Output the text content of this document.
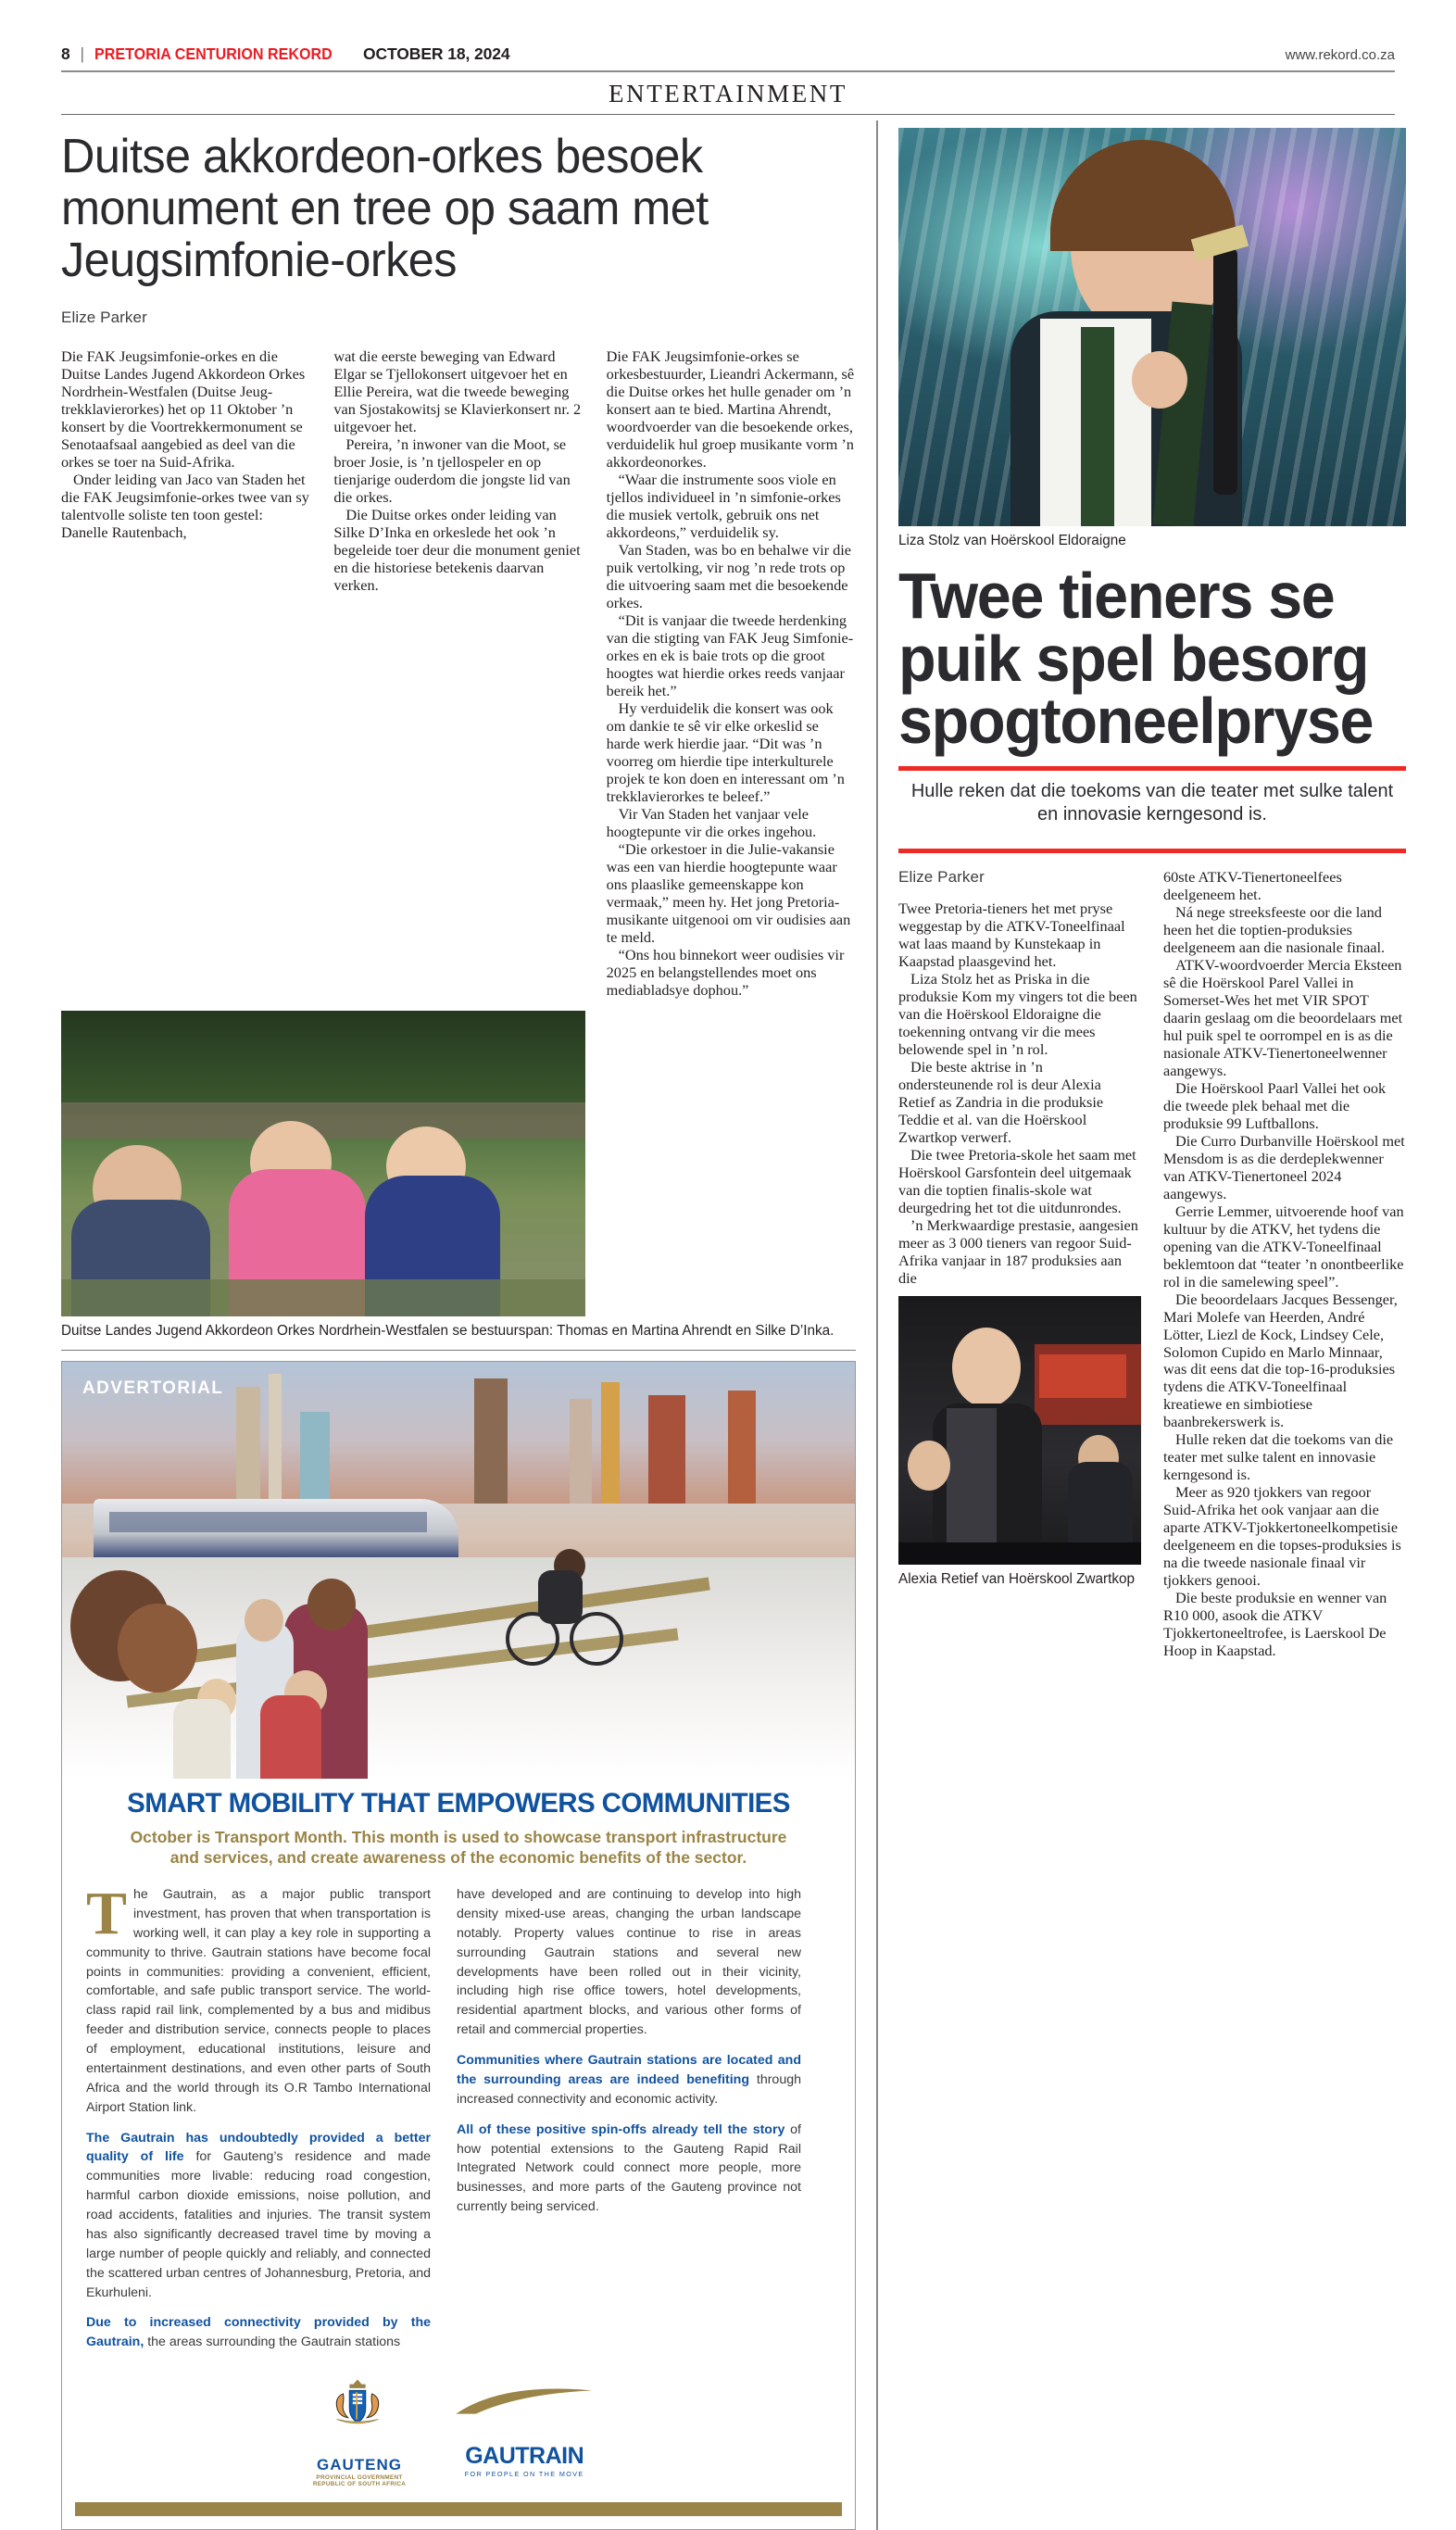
8 | PRETORIA CENTURION REKORD OCTOBER 18, 2024	www.rekord.co.za
ENTERTAINMENT
Duitse akkordeon-orkes besoek monument en tree op saam met Jeugsimfonie-orkes
Elize Parker

Die FAK Jeugsimfonie-orkes en die Duitse Landes Jugend Akkordeon Orkes Nordrhein-Westfalen (Duitse Jeug-trekklavierorkes) het op 11 Oktober ’n konsert by die Voortrekkermonument se Senotaafsaal aangebied as deel van die orkes se toer na Suid-Afrika.

Onder leiding van Jaco van Staden het die FAK Jeugsimfonie-orkes twee van sy talentvolle soliste ten toon gestel: Danelle Rautenbach,

wat die eerste beweging van Edward Elgar se Tjellokonsert uitgevoer het en Ellie Pereira, wat die tweede beweging van Sjostakowitsj se Klavierkonsert nr. 2 uitgevoer het.

Pereira, ’n inwoner van die Moot, se broer Josie, is ’n tjellospeler en op tienjarige ouderdom die jongste lid van die orkes.

Die Duitse orkes onder leiding van Silke D’Inka en orkeslede het ook ’n begeleide toer deur die monument geniet en die historiese betekenis daarvan verken.

Die FAK Jeugsimfonie-orkes se orkesbestuurder, Lieandri Ackermann, sê die Duitse orkes het hulle genader om ’n konsert aan te bied. Martina Ahrendt, woordvoerder van die besoekende orkes, verduidelik hul groep musikante vorm ’n akkordeonorkes.

“Waar die instrumente soos viole en tjellos individueel in ’n simfonie-orkes die musiek vertolk, gebruik ons net akkordeons,” verduidelik sy.

Van Staden, was bo en behalwe vir die puik vertolking, vir nog ’n rede trots op die uitvoering saam met die besoekende orkes.

“Dit is vanjaar die tweede herdenking van die stigting van FAK Jeug Simfonie-orkes en ek is baie trots op die groot hoogtes wat hierdie orkes reeds vanjaar bereik het.”

Hy verduidelik die konsert was ook om dankie te sê vir elke orkeslid se harde werk hierdie jaar. “Dit was ’n voorreg om hierdie tipe interkulturele projek te kon doen en interessant om ’n trekklavierorkes te beleef.”

Vir Van Staden het vanjaar vele hoogtepunte vir die orkes ingehou.

“Die orkestoer in die Julie-vakansie was een van hierdie hoogtepunte waar ons plaaslike gemeenskappe kon vermaak,” meen hy. Het jong Pretoria-musikante uitgenooi om vir oudisies aan te meld.

“Ons hou binnekort weer oudisies vir 2025 en belangstellendes moet ons mediabladsye dophou.”

Duitse Landes Jugend Akkordeon Orkes Nordrhein-Westfalen se bestuurspan: Thomas en Martina Ahrendt en Silke D’Inka.
ADVERTORIAL
SMART MOBILITY THAT EMPOWERS COMMUNITIES
October is Transport Month. This month is used to showcase transport infrastructure and services, and create awareness of the economic benefits of the sector.

The Gautrain, as a major public transport investment, has proven that when transportation is working well, it can play a key role in supporting a community to thrive. Gautrain stations have become focal points in communities: providing a convenient, efficient, comfortable, and safe public transport service. The world-class rapid rail link, complemented by a bus and midibus feeder and distribution service, connects people to places of employment, educational institutions, leisure and entertainment destinations, and even other parts of South Africa and the world through its O.R Tambo International Airport Station link.

The Gautrain has undoubtedly provided a better quality of life for Gauteng’s residence and made communities more livable: reducing road congestion, harmful carbon dioxide emissions, noise pollution, and road accidents, fatalities and injuries. The transit system has also significantly decreased travel time by moving a large number of people quickly and reliably, and connected the scattered urban centres of Johannesburg, Pretoria, and Ekurhuleni.

Due to increased connectivity provided by the Gautrain, the areas surrounding the Gautrain stations

have developed and are continuing to develop into high density mixed-use areas, changing the urban landscape notably. Property values continue to rise in areas surrounding Gautrain stations and several new developments have been rolled out in their vicinity, including high rise office towers, hotel developments, residential apartment blocks, and various other forms of retail and commercial properties.

Communities where Gautrain stations are located and the surrounding areas are indeed benefiting through increased connectivity and economic activity.

All of these positive spin-offs already tell the story of how potential extensions to the Gauteng Rapid Rail Integrated Network could connect more people, more businesses, and more parts of the Gauteng province not currently being serviced.

GAUTENG
PROVINCIAL GOVERNMENT
REPUBLIC OF SOUTH AFRICA
GAUTRAIN
FOR PEOPLE ON THE MOVE
Liza Stolz van Hoërskool Eldoraigne
Twee tieners se puik spel besorg spogtoneelpryse
Hulle reken dat die toekoms van die teater met sulke talent en innovasie kerngesond is.
Elize Parker

Twee Pretoria-tieners het met pryse weggestap by die ATKV-Toneelfinaal wat laas maand by Kunstekaap in Kaapstad plaasgevind het.

Liza Stolz het as Priska in die produksie Kom my vingers tot die been van die Hoërskool Eldoraigne die toekenning ontvang vir die mees belowende spel in ’n rol.

Die beste aktrise in ’n ondersteunende rol is deur Alexia Retief as Zandria in die produksie Teddie et al. van die Hoërskool Zwartkop verwerf.

Die twee Pretoria-skole het saam met Hoërskool Garsfontein deel uitgemaak van die toptien finalis-skole wat deurgedring het tot die uitdunrondes.

’n Merkwaardige prestasie, aangesien meer as 3 000 tieners van regoor Suid-Afrika vanjaar in 187 produksies aan die

Alexia Retief van Hoërskool Zwartkop

60ste ATKV-Tienertoneelfees deelgeneem het.

Ná nege streeksfeeste oor die land heen het die toptien-produksies deelgeneem aan die nasionale finaal.

ATKV-woordvoerder Mercia Eksteen sê die Hoërskool Parel Vallei in Somerset-Wes het met VIR SPOT daarin geslaag om die beoordelaars met hul puik spel te oorrompel en is as die nasionale ATKV-Tienertoneelwenner aangewys.

Die Hoërskool Paarl Vallei het ook die tweede plek behaal met die produksie 99 Luftballons.

Die Curro Durbanville Hoërskool met Mensdom is as die derdeplekwenner van ATKV-Tienertoneel 2024 aangewys.

Gerrie Lemmer, uitvoerende hoof van kultuur by die ATKV, het tydens die opening van die ATKV-Toneelfinaal beklemtoon dat “teater ’n onontbeerlike rol in die samelewing speel”.

Die beoordelaars Jacques Bessenger, Mari Molefe van Heerden, André Lötter, Liezl de Kock, Lindsey Cele, Solomon Cupido en Marlo Minnaar, was dit eens dat die top-16-produksies tydens die ATKV-Toneelfinaal kreatiewe en simbiotiese baanbrekerswerk is.

Hulle reken dat die toekoms van die teater met sulke talent en innovasie kerngesond is.

Meer as 920 tjokkers van regoor Suid-Afrika het ook vanjaar aan die aparte ATKV-Tjokkertoneelkompetisie deelgeneem en die topses-produksies is na die tweede nasionale finaal vir tjokkers genooi.

Die beste produksie en wenner van R10 000, asook die ATKV Tjokkertoneeltrofee, is Laerskool De Hoop in Kaapstad.
